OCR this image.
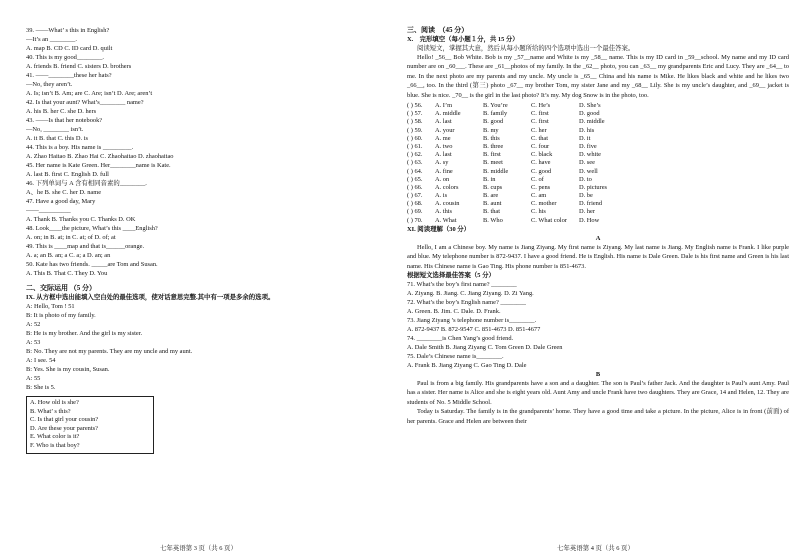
39. ——What’ s this in English?
—It’s an ________.
A. map B. CD C. ID card D. quilt
40. This is my good________.
A. friends B. friend C. sisters D. brothers
41. ——________these her hats?
—No, they aren’t.
A. Is; isn’t B. Am; are C. Are; isn’t D. Are; aren’t
42. Is that your aunt? What’s________ name?
A. his B. her C. she D. hers
43. ——Is that her notebook?
—No, ________ isn’t.
A. it B. that C. this D. is
44. This is a boy. His name is _________.
A. Zhao Haitao B. Zhao Hai C. Zhaohaitao D. zhaohaitao
45. Her name is Kate Green. Her________name is Kate.
A. last B. first C. English D. full
46. 下列单词与 A 含有相同音素的________.
A、he B. she C. her D. name
47. Have a good day, Mary
——__________
A. Thank B. Thanks you C. Thanks D. OK
48. Look____the picture, What’s this ____English?
A. on; in B. at; in C. at; of D. of; at
49. This is ____map and that is______orange.
A. a; an B. an; a C. a; a D. an; an
50. Kate has two friends. _____are Tom and Susan.
A. This B. That C. They D. You
二、交际运用 （5 分）
IX. 从方框中选出能填入空白处的最佳选项，使对话意思完整.其中有一项是多余的选项。
A: Hello, Tom ! 51
B: It is photo of my family.
A: 52
B: He is my brother. And the girl is my sister.
A: 53
B: No. They are not my parents. They are my uncle and my aunt.
A: I see. 54
B: Yes. She is my cousin, Susan.
A: 55
B: She is 5.
A. How old is she?
B. What’ s this?
C. Is that girl your cousin?
D. Are these your parents?
E. What color is it?
F. Who is that boy?
七年英语第 3 页（共 6 页）
三、阅读　（45 分）
X.　完形填空（每小题１分，共 15 分）
阅读短文，掌握其大意，然后从每小题所给的四个选项中选出一个最佳答案。
Hello! _56__ Bob White. Bob is my _57__name and White is my _58__ name. This is my ID card in _59__school. My name and my ID card number are on _60___. These are _61__photos of my family. In the _62__ photo, you can _63__ my grandparents Eric and Lucy. They are _64__ to me. In the next photo are my parents and my uncle. My uncle is _65__ China and his name is Mike. He likes black and white and he likes two _66__, too. In the third (第三) photo _67__ my brother Tom, my sister Jane and my _68__ Lily. She is my uncle’s daughter, and _69__ jacket is blue. She is nice. _70__ is the girl in the last photo? It’s my. My dog Snow is in the photo, too.
( ) 56.	A. I’m	B. You’re	C. He’s	D. She’s
( ) 57.	A. middle	B. family	C. first	D. good
( ) 58.	A. last	B. good	C. first	D. middle
( ) 59.	A. your	B. my	C. her	D. his
( ) 60.	A. me	B. this	C. that	D. it
( ) 61.	A. two	B. three	C. four	D. five
( ) 62.	A. last	B. first	C. black	D. white
( ) 63.	A. sy	B. meet	C. have	D. see
( ) 64.	A. fine	B. middle	C. good	D. well
( ) 65.	A. on	B. in	C. of	D. to
( ) 66.	A. colors	B. cups	C. pens	D. pictures
( ) 67.	A. is	B. are	C. am	D. be
( ) 68.	A. cousin	B. aunt	C. mother	D. friend
( ) 69.	A. this	B. that	C. his	D. her
( ) 70.	A. What	B. Who	C. What color	D. How
XI. 阅读理解（30 分）
A
Hello, I am a Chinese boy. My name is Jiang Ziyang. My first name is Ziyang. My last name is Jiang. My English name is Frank. I like purple and blue. My telephone number is 872-9437. I have a good friend. He is English. His name is Dale Green. Dale is his first name and Green is his last name. His Chinese name is Gao Ting. His phone number is 851-4673.
根据短文选择最佳答案（5 分）
71. What’s the boy’s first name? ________
A. Ziyang. B. Jiang. C. Jiang Ziyang. D. Zi Yang.
72. What’s the boy’s English name? ________
A. Green. B. Jim. C. Dale. D. Frank.
73. Jiang Ziyang ’s telephone number is________.
A. 872-9437 B. 872-9547 C. 851-4673 D. 851-4677
74. ________is Chen Yang’s good friend.
A. Dale Smith B. Jiang Ziyang C. Tom Green D. Dale Green
75. Dale’s Chinese name is________.
A. Frank B. Jiang Ziyang C. Gao Ting D. Dale
B
Paul is from a big family. His grandparents have a son and a daughter. The son is Paul’s father Jack. And the daughter is Paul’s aunt Amy. Paul has a sister. Her name is Alice and she is eight years old. Aunt Amy and uncle Frank have two daughters. They are Grace, 14 and Helen, 12. They are students of No. 5 Middle School.
Today is Saturday. The family is in the grandparents’ home. They have a good time and take a picture. In the picture, Alice is in front (前面) of her parents. Grace and Helen are between their
七年英语第 4 页（共 6 页）
